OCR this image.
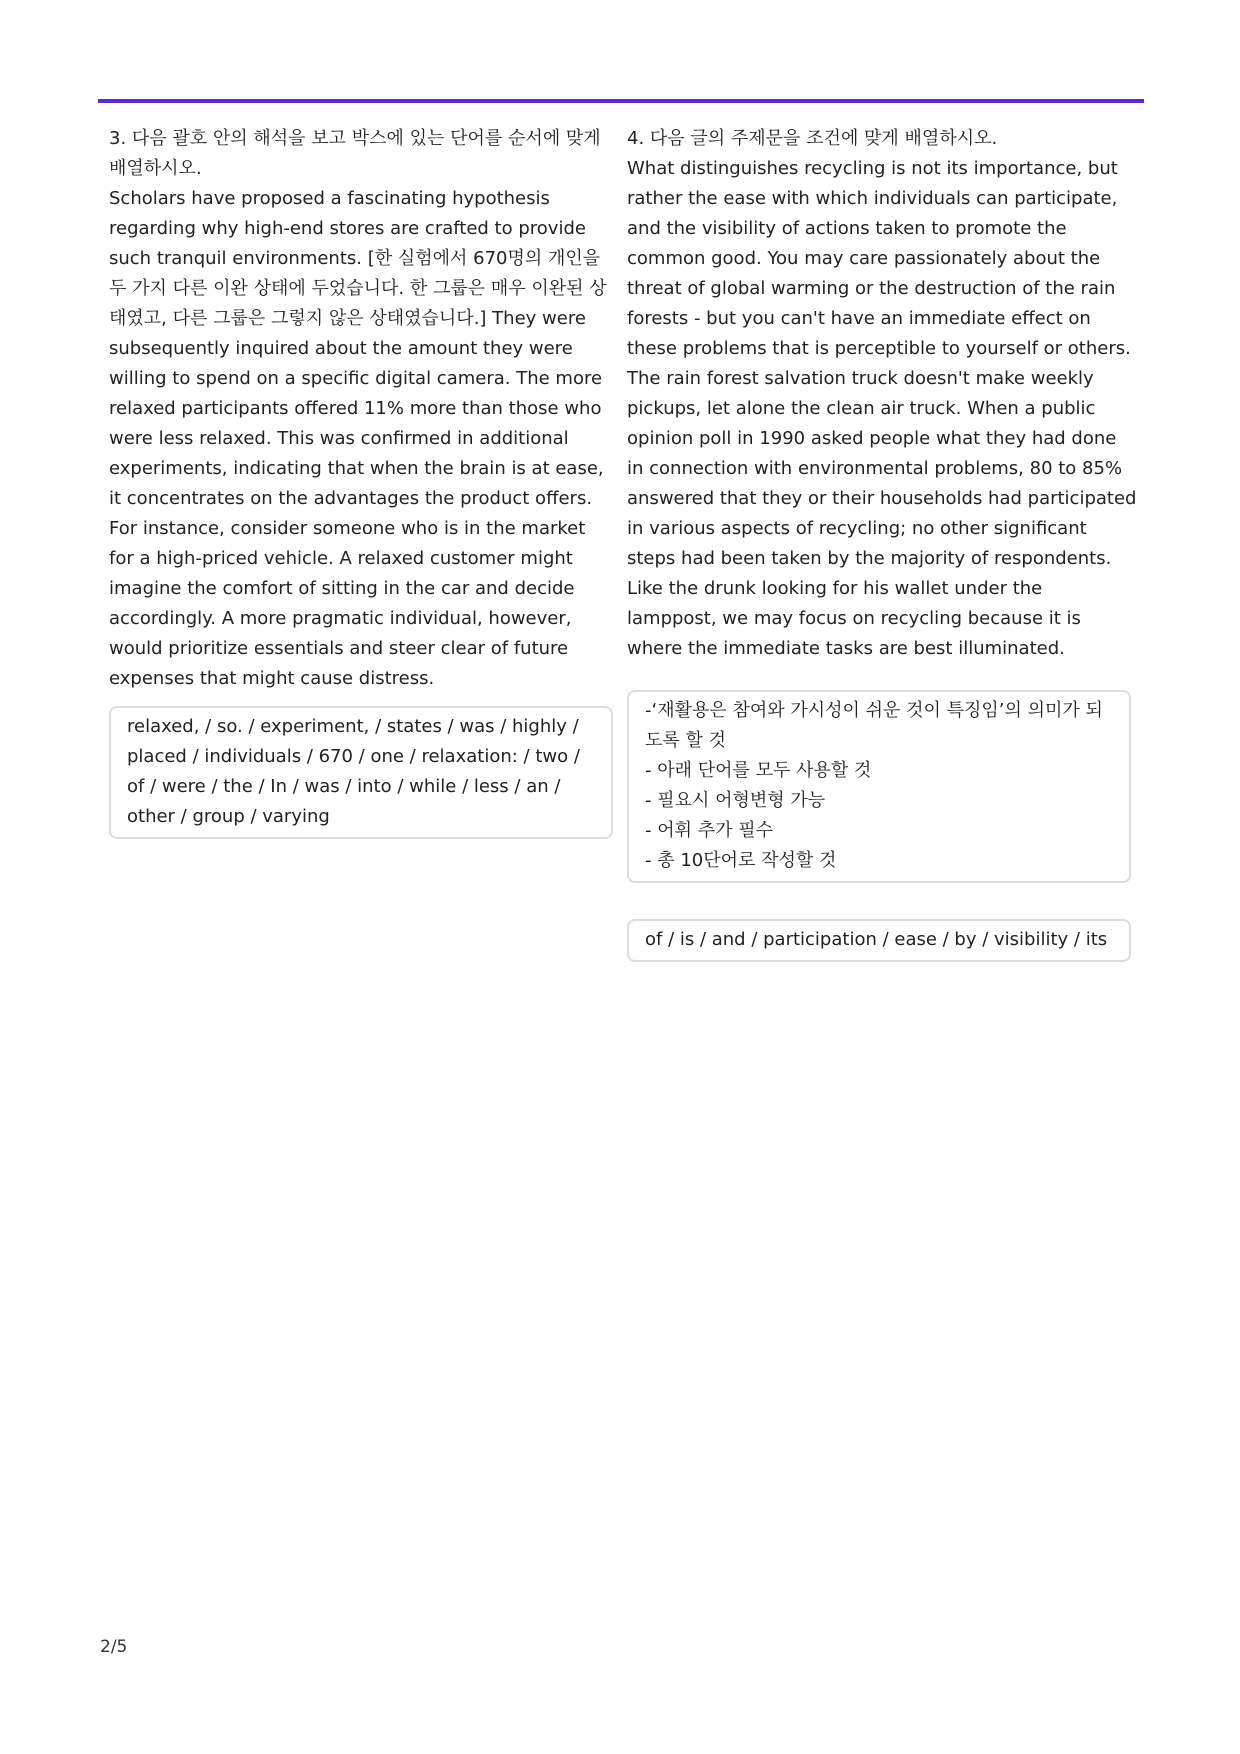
3. 다음 괄호 안의 해석을 보고 박스에 있는 단어를 순서에 맞게 배열하시오.

Scholars have proposed a fascinating hypothesis regarding why high-end stores are crafted to provide such tranquil environments. [한 실험에서 670명의 개인을 두 가지 다른 이완 상태에 두었습니다. 한 그룹은 매우 이완된 상태였고, 다른 그룹은 그렇지 않은 상태였습니다.] They were subsequently inquired about the amount they were willing to spend on a specific digital camera. The more relaxed participants offered 11% more than those who were less relaxed. This was confirmed in additional experiments, indicating that when the brain is at ease, it concentrates on the advantages the product offers. For instance, consider someone who is in the market for a high-priced vehicle. A relaxed customer might imagine the comfort of sitting in the car and decide accordingly. A more pragmatic individual, however, would prioritize essentials and steer clear of future expenses that might cause distress.

relaxed, / so. / experiment, / states / was / highly / placed / individuals / 670 / one / relaxation: / two / of / were / the / In / was / into / while / less / an / other / group / varying

4. 다음 글의 주제문을 조건에 맞게 배열하시오.

What distinguishes recycling is not its importance, but rather the ease with which individuals can participate, and the visibility of actions taken to promote the common good. You may care passionately about the threat of global warming or the destruction of the rain forests - but you can't have an immediate effect on these problems that is perceptible to yourself or others. The rain forest salvation truck doesn't make weekly pickups, let alone the clean air truck. When a public opinion poll in 1990 asked people what they had done in connection with environmental problems, 80 to 85% answered that they or their households had participated in various aspects of recycling; no other significant steps had been taken by the majority of respondents. Like the drunk looking for his wallet under the lamppost, we may focus on recycling because it is where the immediate tasks are best illuminated.

-‘재활용은 참여와 가시성이 쉬운 것이 특징임’의 의미가 되도록 할 것
- 아래 단어를 모두 사용할 것
- 필요시 어형변형 가능
- 어휘 추가 필수
- 총 10단어로 작성할 것
of / is / and / participation / ease / by / visibility / its
2/5
